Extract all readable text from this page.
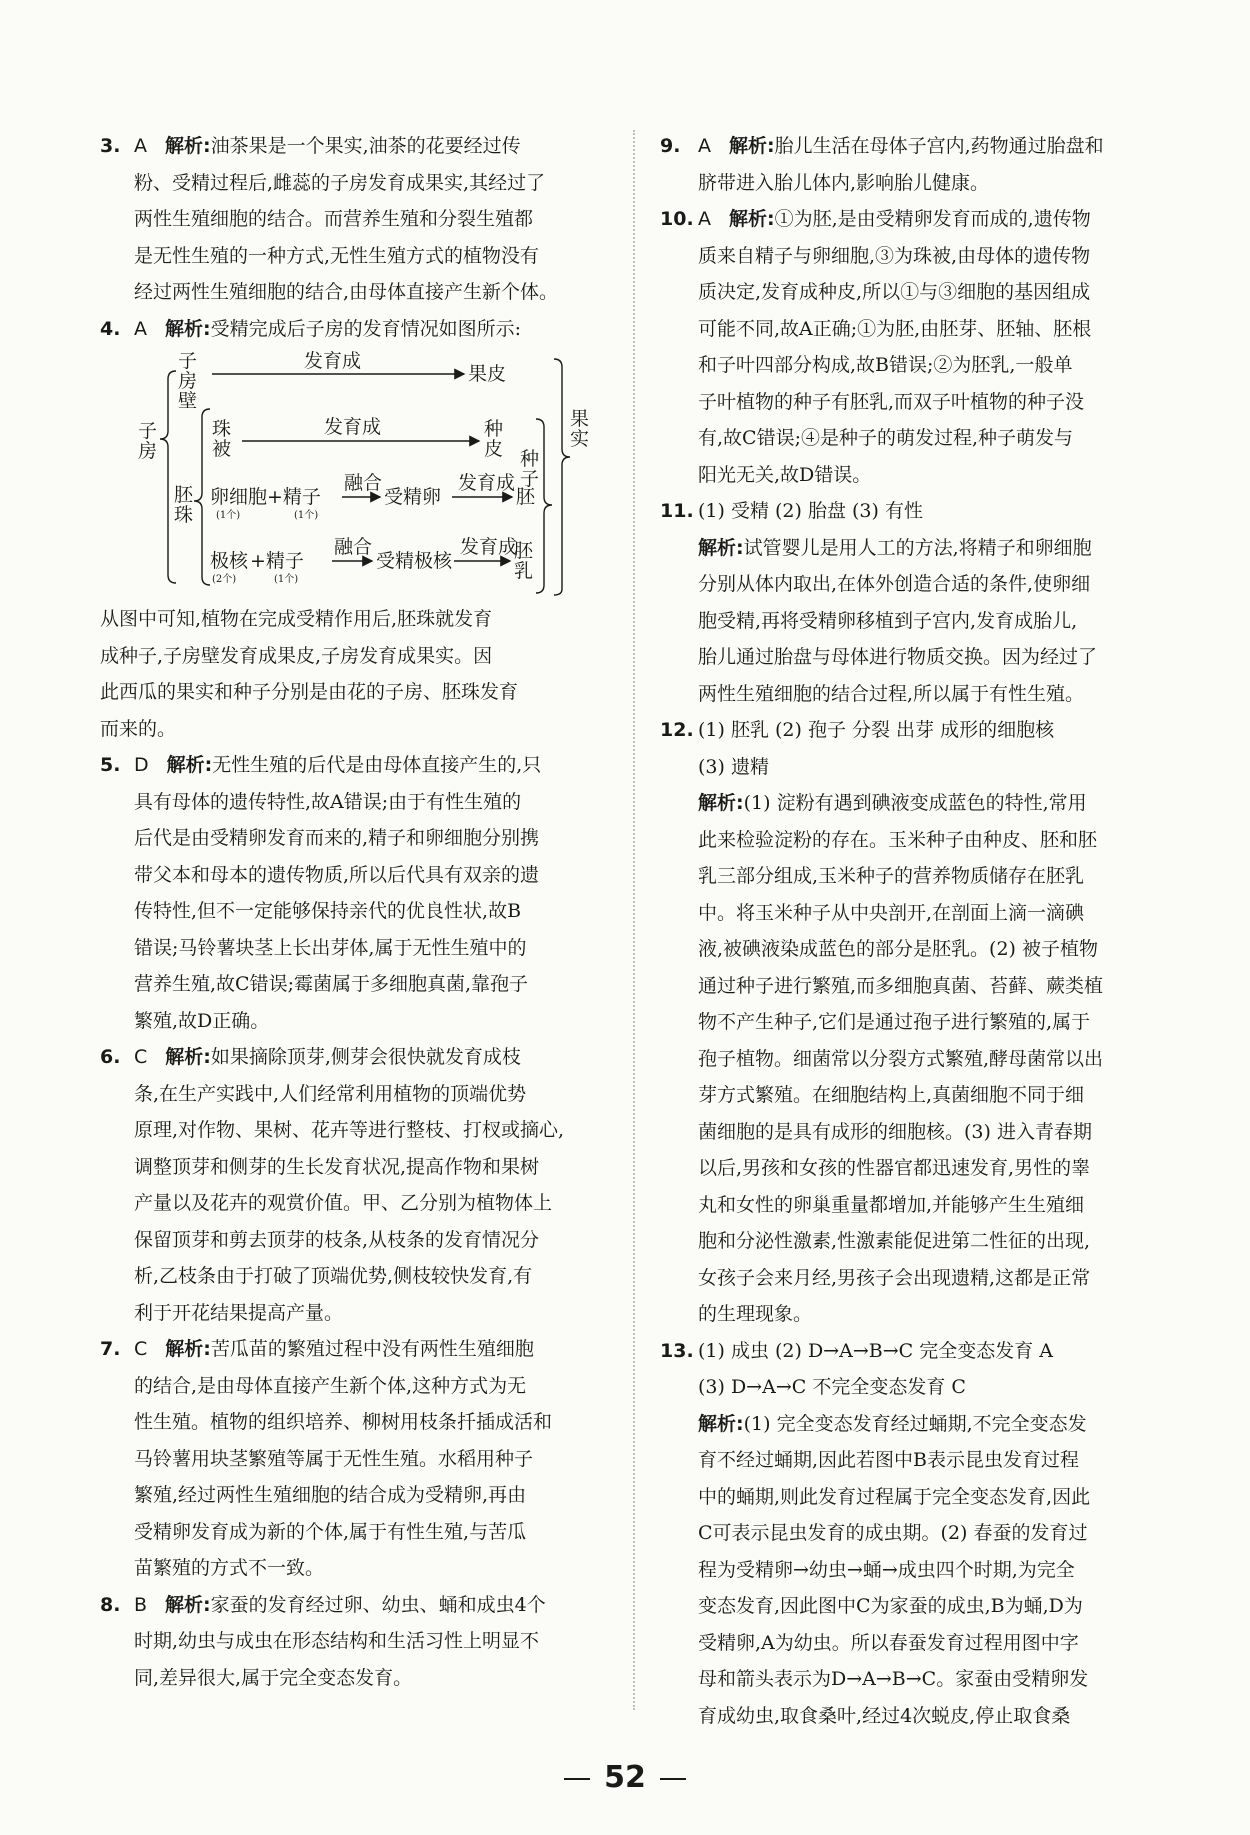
3. A 解析:油茶果是一个果实,油茶的花要经过传
粉、受精过程后,雌蕊的子房发育成果实,其经过了
两性生殖细胞的结合。而营养生殖和分裂生殖都
是无性生殖的一种方式,无性生殖方式的植物没有
经过两性生殖细胞的结合,由母体直接产生新个体。
4. A 解析:受精完成后子房的发育情况如图所示:
子房壁
发育成
果皮
子房
珠被
发育成	种皮
胚珠
卵细胞 +精子
(1个)	(1个)
融合
受精卵
发育成
胚
种子
果实
极核 +精子
(2个)	(1个)
融合
受精极核
发育成
胚乳
从图中可知,植物在完成受精作用后,胚珠就发育
成种子,子房壁发育成果皮,子房发育成果实。因
此西瓜的果实和种子分别是由花的子房、胚珠发育
而来的。
5. D 解析:无性生殖的后代是由母体直接产生的,只
具有母体的遗传特性,故A错误;由于有性生殖的
后代是由受精卵发育而来的,精子和卵细胞分别携
带父本和母本的遗传物质,所以后代具有双亲的遗
传特性,但不一定能够保持亲代的优良性状,故B
错误;马铃薯块茎上长出芽体,属于无性生殖中的
营养生殖,故C错误;霉菌属于多细胞真菌,靠孢子
繁殖,故D正确。
6. C 解析:如果摘除顶芽,侧芽会很快就发育成枝
条,在生产实践中,人们经常利用植物的顶端优势
原理,对作物、果树、花卉等进行整枝、打杈或摘心,
调整顶芽和侧芽的生长发育状况,提高作物和果树
产量以及花卉的观赏价值。甲、乙分别为植物体上
保留顶芽和剪去顶芽的枝条,从枝条的发育情况分
析,乙枝条由于打破了顶端优势,侧枝较快发育,有
利于开花结果提高产量。
7. C 解析:苦瓜苗的繁殖过程中没有两性生殖细胞
的结合,是由母体直接产生新个体,这种方式为无
性生殖。植物的组织培养、柳树用枝条扦插成活和
马铃薯用块茎繁殖等属于无性生殖。水稻用种子
繁殖,经过两性生殖细胞的结合成为受精卵,再由
受精卵发育成为新的个体,属于有性生殖,与苦瓜
苗繁殖的方式不一致。
8. B 解析:家蚕的发育经过卵、幼虫、蛹和成虫4个
时期,幼虫与成虫在形态结构和生活习性上明显不
同,差异很大,属于完全变态发育。
9. A 解析:胎儿生活在母体子宫内,药物通过胎盘和
脐带进入胎儿体内,影响胎儿健康。
10. A 解析:①为胚,是由受精卵发育而成的,遗传物
质来自精子与卵细胞,③为珠被,由母体的遗传物
质决定,发育成种皮,所以①与③细胞的基因组成
可能不同,故A正确;①为胚,由胚芽、胚轴、胚根
和子叶四部分构成,故B错误;②为胚乳,一般单
子叶植物的种子有胚乳,而双子叶植物的种子没
有,故C错误;④是种子的萌发过程,种子萌发与
阳光无关,故D错误。
11. (1) 受精 (2) 胎盘 (3) 有性
解析:试管婴儿是用人工的方法,将精子和卵细胞
分别从体内取出,在体外创造合适的条件,使卵细
胞受精,再将受精卵移植到子宫内,发育成胎儿,
胎儿通过胎盘与母体进行物质交换。因为经过了
两性生殖细胞的结合过程,所以属于有性生殖。
12. (1) 胚乳 (2) 孢子 分裂 出芽 成形的细胞核
(3) 遗精
解析:(1) 淀粉有遇到碘液变成蓝色的特性,常用
此来检验淀粉的存在。玉米种子由种皮、胚和胚
乳三部分组成,玉米种子的营养物质储存在胚乳
中。将玉米种子从中央剖开,在剖面上滴一滴碘
液,被碘液染成蓝色的部分是胚乳。(2) 被子植物
通过种子进行繁殖,而多细胞真菌、苔藓、蕨类植
物不产生种子,它们是通过孢子进行繁殖的,属于
孢子植物。细菌常以分裂方式繁殖,酵母菌常以出
芽方式繁殖。在细胞结构上,真菌细胞不同于细
菌细胞的是具有成形的细胞核。(3) 进入青春期
以后,男孩和女孩的性器官都迅速发育,男性的睾
丸和女性的卵巢重量都增加,并能够产生生殖细
胞和分泌性激素,性激素能促进第二性征的出现,
女孩子会来月经,男孩子会出现遗精,这都是正常
的生理现象。
13. (1) 成虫 (2) D→A→B→C 完全变态发育 A
(3) D→A→C 不完全变态发育 C
解析:(1) 完全变态发育经过蛹期,不完全变态发
育不经过蛹期,因此若图中B表示昆虫发育过程
中的蛹期,则此发育过程属于完全变态发育,因此
C可表示昆虫发育的成虫期。(2) 春蚕的发育过
程为受精卵→幼虫→蛹→成虫四个时期,为完全
变态发育,因此图中C为家蚕的成虫,B为蛹,D为
受精卵,A为幼虫。所以春蚕发育过程用图中字
母和箭头表示为D→A→B→C。家蚕由受精卵发
育成幼虫,取食桑叶,经过4次蜕皮,停止取食桑
52
